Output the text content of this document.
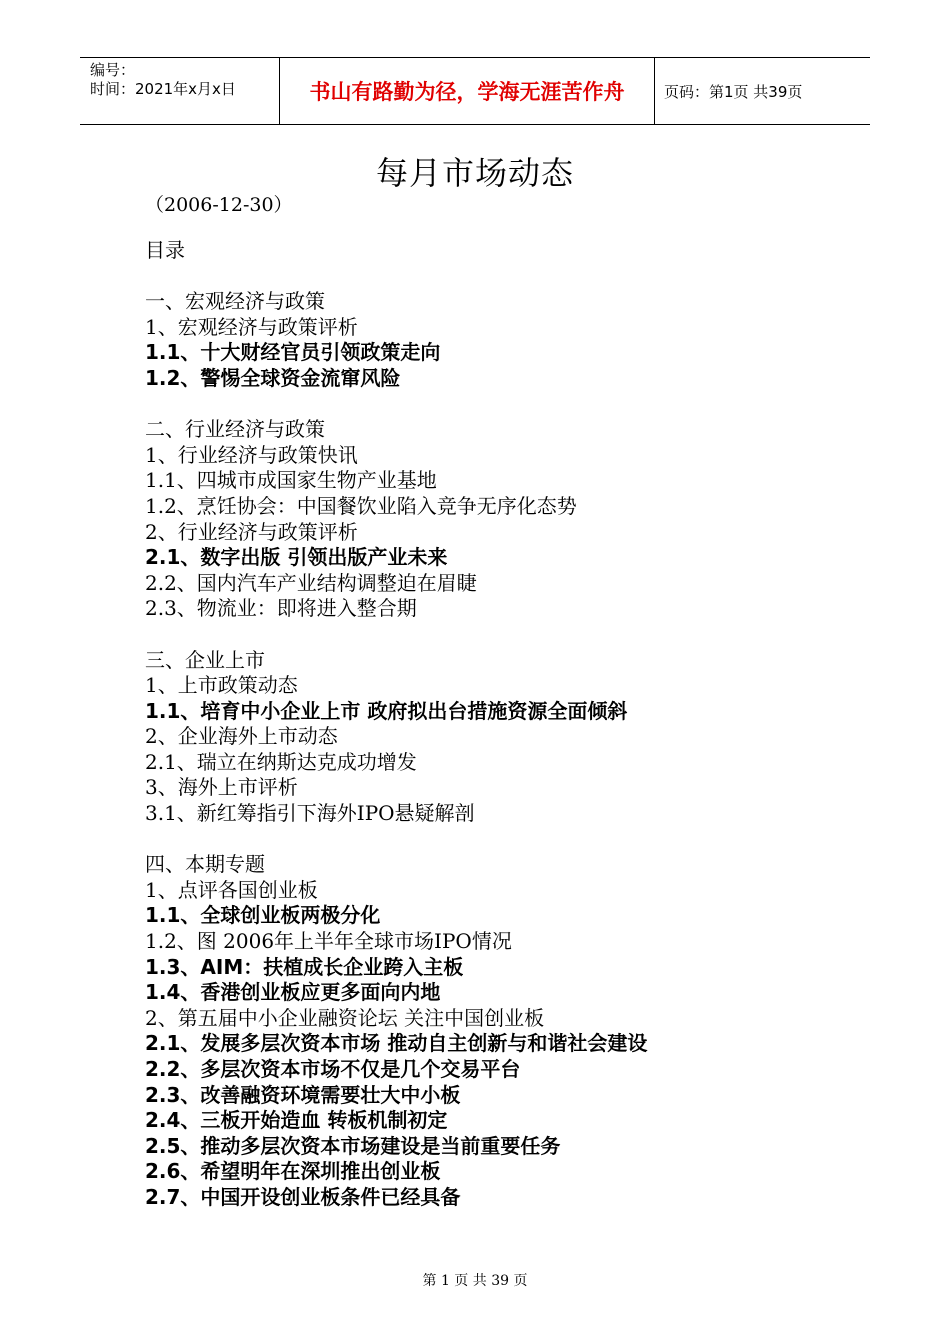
编号：
时间：2021年x月x日	书山有路勤为径，学海无涯苦作舟	页码：第1页 共39页
每月市场动态
（2006-12-30）
目录
一、宏观经济与政策
1、宏观经济与政策评析
1.1、十大财经官员引领政策走向
1.2、警惕全球资金流窜风险
二、行业经济与政策
1、行业经济与政策快讯
1.1、四城市成国家生物产业基地
1.2、烹饪协会：中国餐饮业陷入竞争无序化态势
2、行业经济与政策评析
2.1、数字出版 引领出版产业未来
2.2、国内汽车产业结构调整迫在眉睫
2.3、物流业：即将进入整合期
三、企业上市
1、上市政策动态
1.1、培育中小企业上市 政府拟出台措施资源全面倾斜
2、企业海外上市动态
2.1、瑞立在纳斯达克成功增发
3、海外上市评析
3.1、新红筹指引下海外IPO悬疑解剖
四、本期专题
1、点评各国创业板
1.1、全球创业板两极分化
1.2、图 2006年上半年全球市场IPO情况
1.3、AIM：扶植成长企业跨入主板
1.4、香港创业板应更多面向内地
2、第五届中小企业融资论坛 关注中国创业板
2.1、发展多层次资本市场 推动自主创新与和谐社会建设
2.2、多层次资本市场不仅是几个交易平台
2.3、改善融资环境需要壮大中小板
2.4、三板开始造血 转板机制初定
2.5、推动多层次资本市场建设是当前重要任务
2.6、希望明年在深圳推出创业板
2.7、中国开设创业板条件已经具备
第 1 页 共 39 页
